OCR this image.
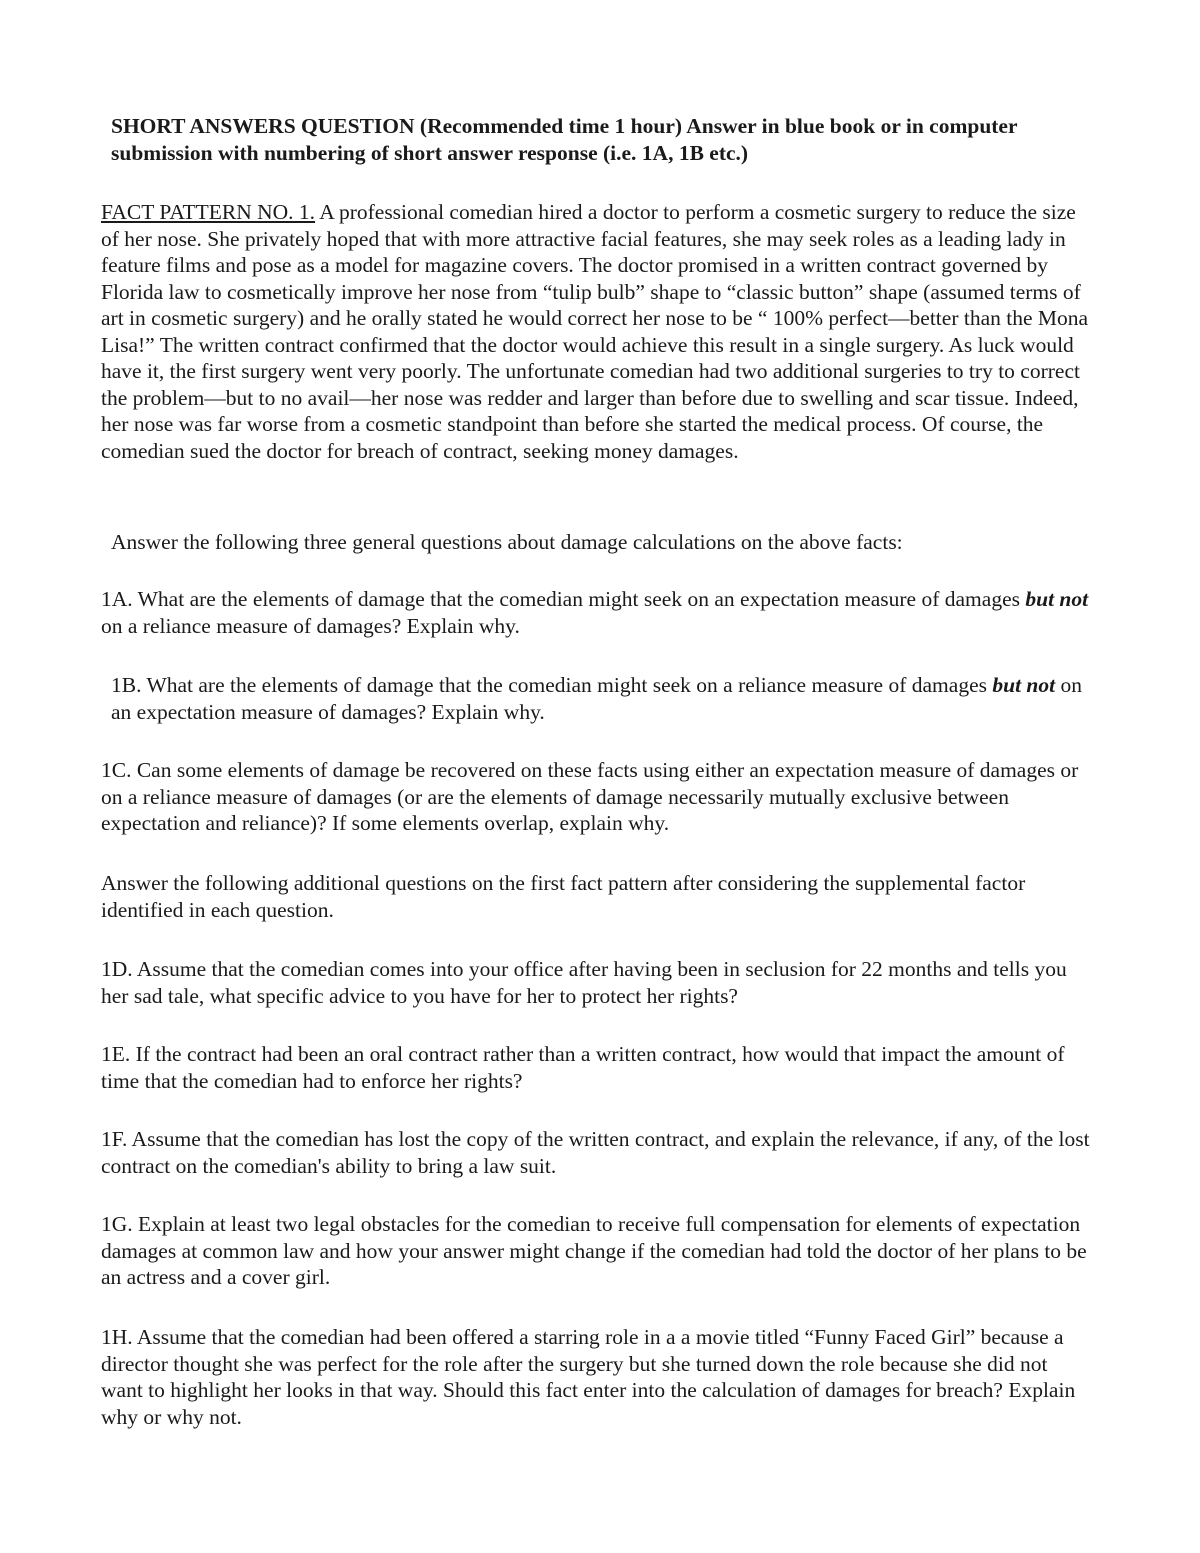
SHORT ANSWERS QUESTION (Recommended time 1 hour) Answer in blue book or in computer submission with numbering of short answer response (i.e. 1A, 1B etc.)

FACT PATTERN NO. 1. A professional comedian hired a doctor to perform a cosmetic surgery to reduce the size of her nose. She privately hoped that with more attractive facial features, she may seek roles as a leading lady in feature films and pose as a model for magazine covers. The doctor promised in a written contract governed by Florida law to cosmetically improve her nose from “tulip bulb” shape to “classic button” shape (assumed terms of art in cosmetic surgery) and he orally stated he would correct her nose to be “ 100% perfect—better than the Mona Lisa!” The written contract confirmed that the doctor would achieve this result in a single surgery. As luck would have it, the first surgery went very poorly. The unfortunate comedian had two additional surgeries to try to correct the problem—but to no avail—her nose was redder and larger than before due to swelling and scar tissue. Indeed, her nose was far worse from a cosmetic standpoint than before she started the medical process. Of course, the comedian sued the doctor for breach of contract, seeking money damages.

Answer the following three general questions about damage calculations on the above facts:

1A. What are the elements of damage that the comedian might seek on an expectation measure of damages but not on a reliance measure of damages? Explain why.

1B. What are the elements of damage that the comedian might seek on a reliance measure of damages but not on an expectation measure of damages? Explain why.

1C. Can some elements of damage be recovered on these facts using either an expectation measure of damages or on a reliance measure of damages (or are the elements of damage necessarily mutually exclusive between expectation and reliance)? If some elements overlap, explain why.

Answer the following additional questions on the first fact pattern after considering the supplemental factor identified in each question.

1D. Assume that the comedian comes into your office after having been in seclusion for 22 months and tells you her sad tale, what specific advice to you have for her to protect her rights?

1E. If the contract had been an oral contract rather than a written contract, how would that impact the amount of time that the comedian had to enforce her rights?

1F. Assume that the comedian has lost the copy of the written contract, and explain the relevance, if any, of the lost contract on the comedian's ability to bring a law suit.

1G. Explain at least two legal obstacles for the comedian to receive full compensation for elements of expectation damages at common law and how your answer might change if the comedian had told the doctor of her plans to be an actress and a cover girl.

1H. Assume that the comedian had been offered a starring role in a a movie titled “Funny Faced Girl” because a director thought she was perfect for the role after the surgery but she turned down the role because she did not want to highlight her looks in that way. Should this fact enter into the calculation of damages for breach? Explain why or why not.
